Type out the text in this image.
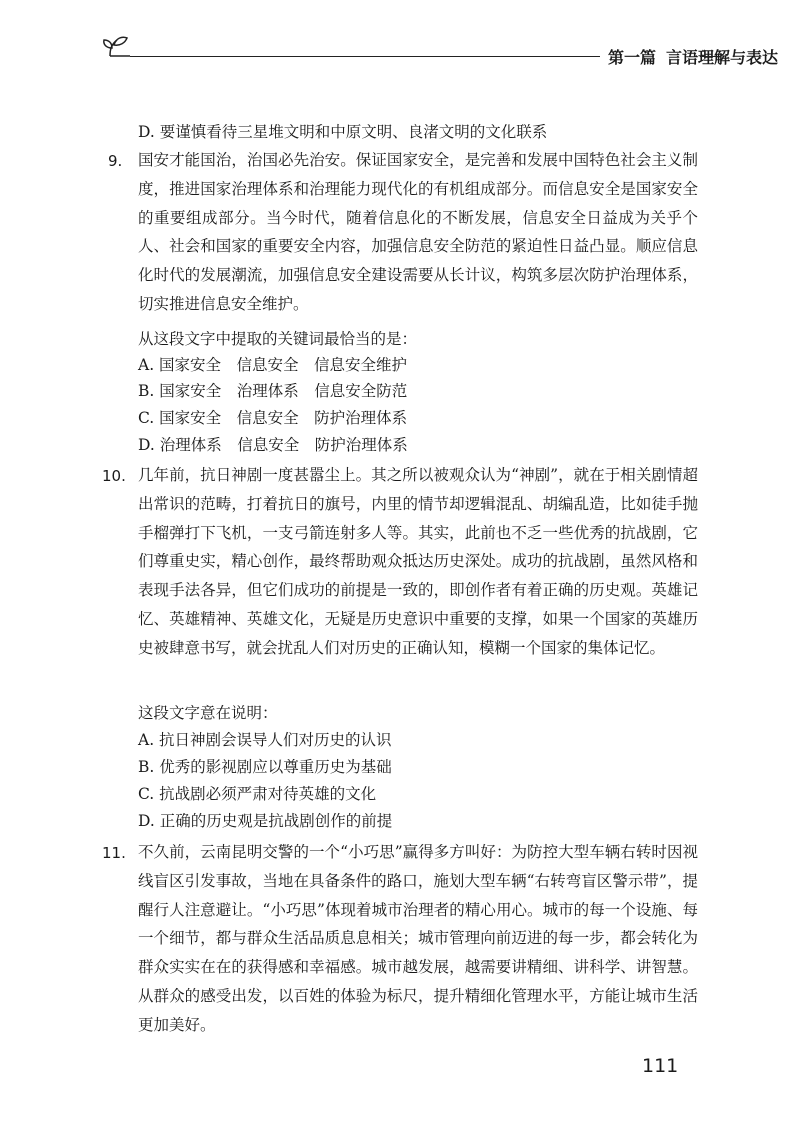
第一篇 言语理解与表达
D. 要谨慎看待三星堆文明和中原文明、良渚文明的文化联系
9. 国安才能国治，治国必先治安。保证国家安全，是完善和发展中国特色社会主义制度，推进国家治理体系和治理能力现代化的有机组成部分。而信息安全是国家安全的重要组成部分。当今时代，随着信息化的不断发展，信息安全日益成为关乎个人、社会和国家的重要安全内容，加强信息安全防范的紧迫性日益凸显。顺应信息化时代的发展潮流，加强信息安全建设需要从长计议，构筑多层次防护治理体系，切实推进信息安全维护。
从这段文字中提取的关键词最恰当的是：
A. 国家安全　信息安全　信息安全维护
B. 国家安全　治理体系　信息安全防范
C. 国家安全　信息安全　防护治理体系
D. 治理体系　信息安全　防护治理体系
10. 几年前，抗日神剧一度甚嚣尘上。其之所以被观众认为“神剧”，就在于相关剧情超出常识的范畴，打着抗日的旗号，内里的情节却逻辑混乱、胡编乱造，比如徒手抛手榴弹打下飞机，一支弓箭连射多人等。其实，此前也不乏一些优秀的抗战剧，它们尊重史实，精心创作，最终帮助观众抵达历史深处。成功的抗战剧，虽然风格和表现手法各异，但它们成功的前提是一致的，即创作者有着正确的历史观。英雄记忆、英雄精神、英雄文化，无疑是历史意识中重要的支撑，如果一个国家的英雄历史被肆意书写，就会扰乱人们对历史的正确认知，模糊一个国家的集体记忆。
这段文字意在说明：
A. 抗日神剧会误导人们对历史的认识
B. 优秀的影视剧应以尊重历史为基础
C. 抗战剧必须严肃对待英雄的文化
D. 正确的历史观是抗战剧创作的前提
11. 不久前，云南昆明交警的一个“小巧思”赢得多方叫好：为防控大型车辆右转时因视线盲区引发事故，当地在具备条件的路口，施划大型车辆“右转弯盲区警示带”，提醒行人注意避让。“小巧思”体现着城市治理者的精心用心。城市的每一个设施、每一个细节，都与群众生活品质息息相关；城市管理向前迈进的每一步，都会转化为群众实实在在的获得感和幸福感。城市越发展，越需要讲精细、讲科学、讲智慧。从群众的感受出发，以百姓的体验为标尺，提升精细化管理水平，方能让城市生活更加美好。
111
